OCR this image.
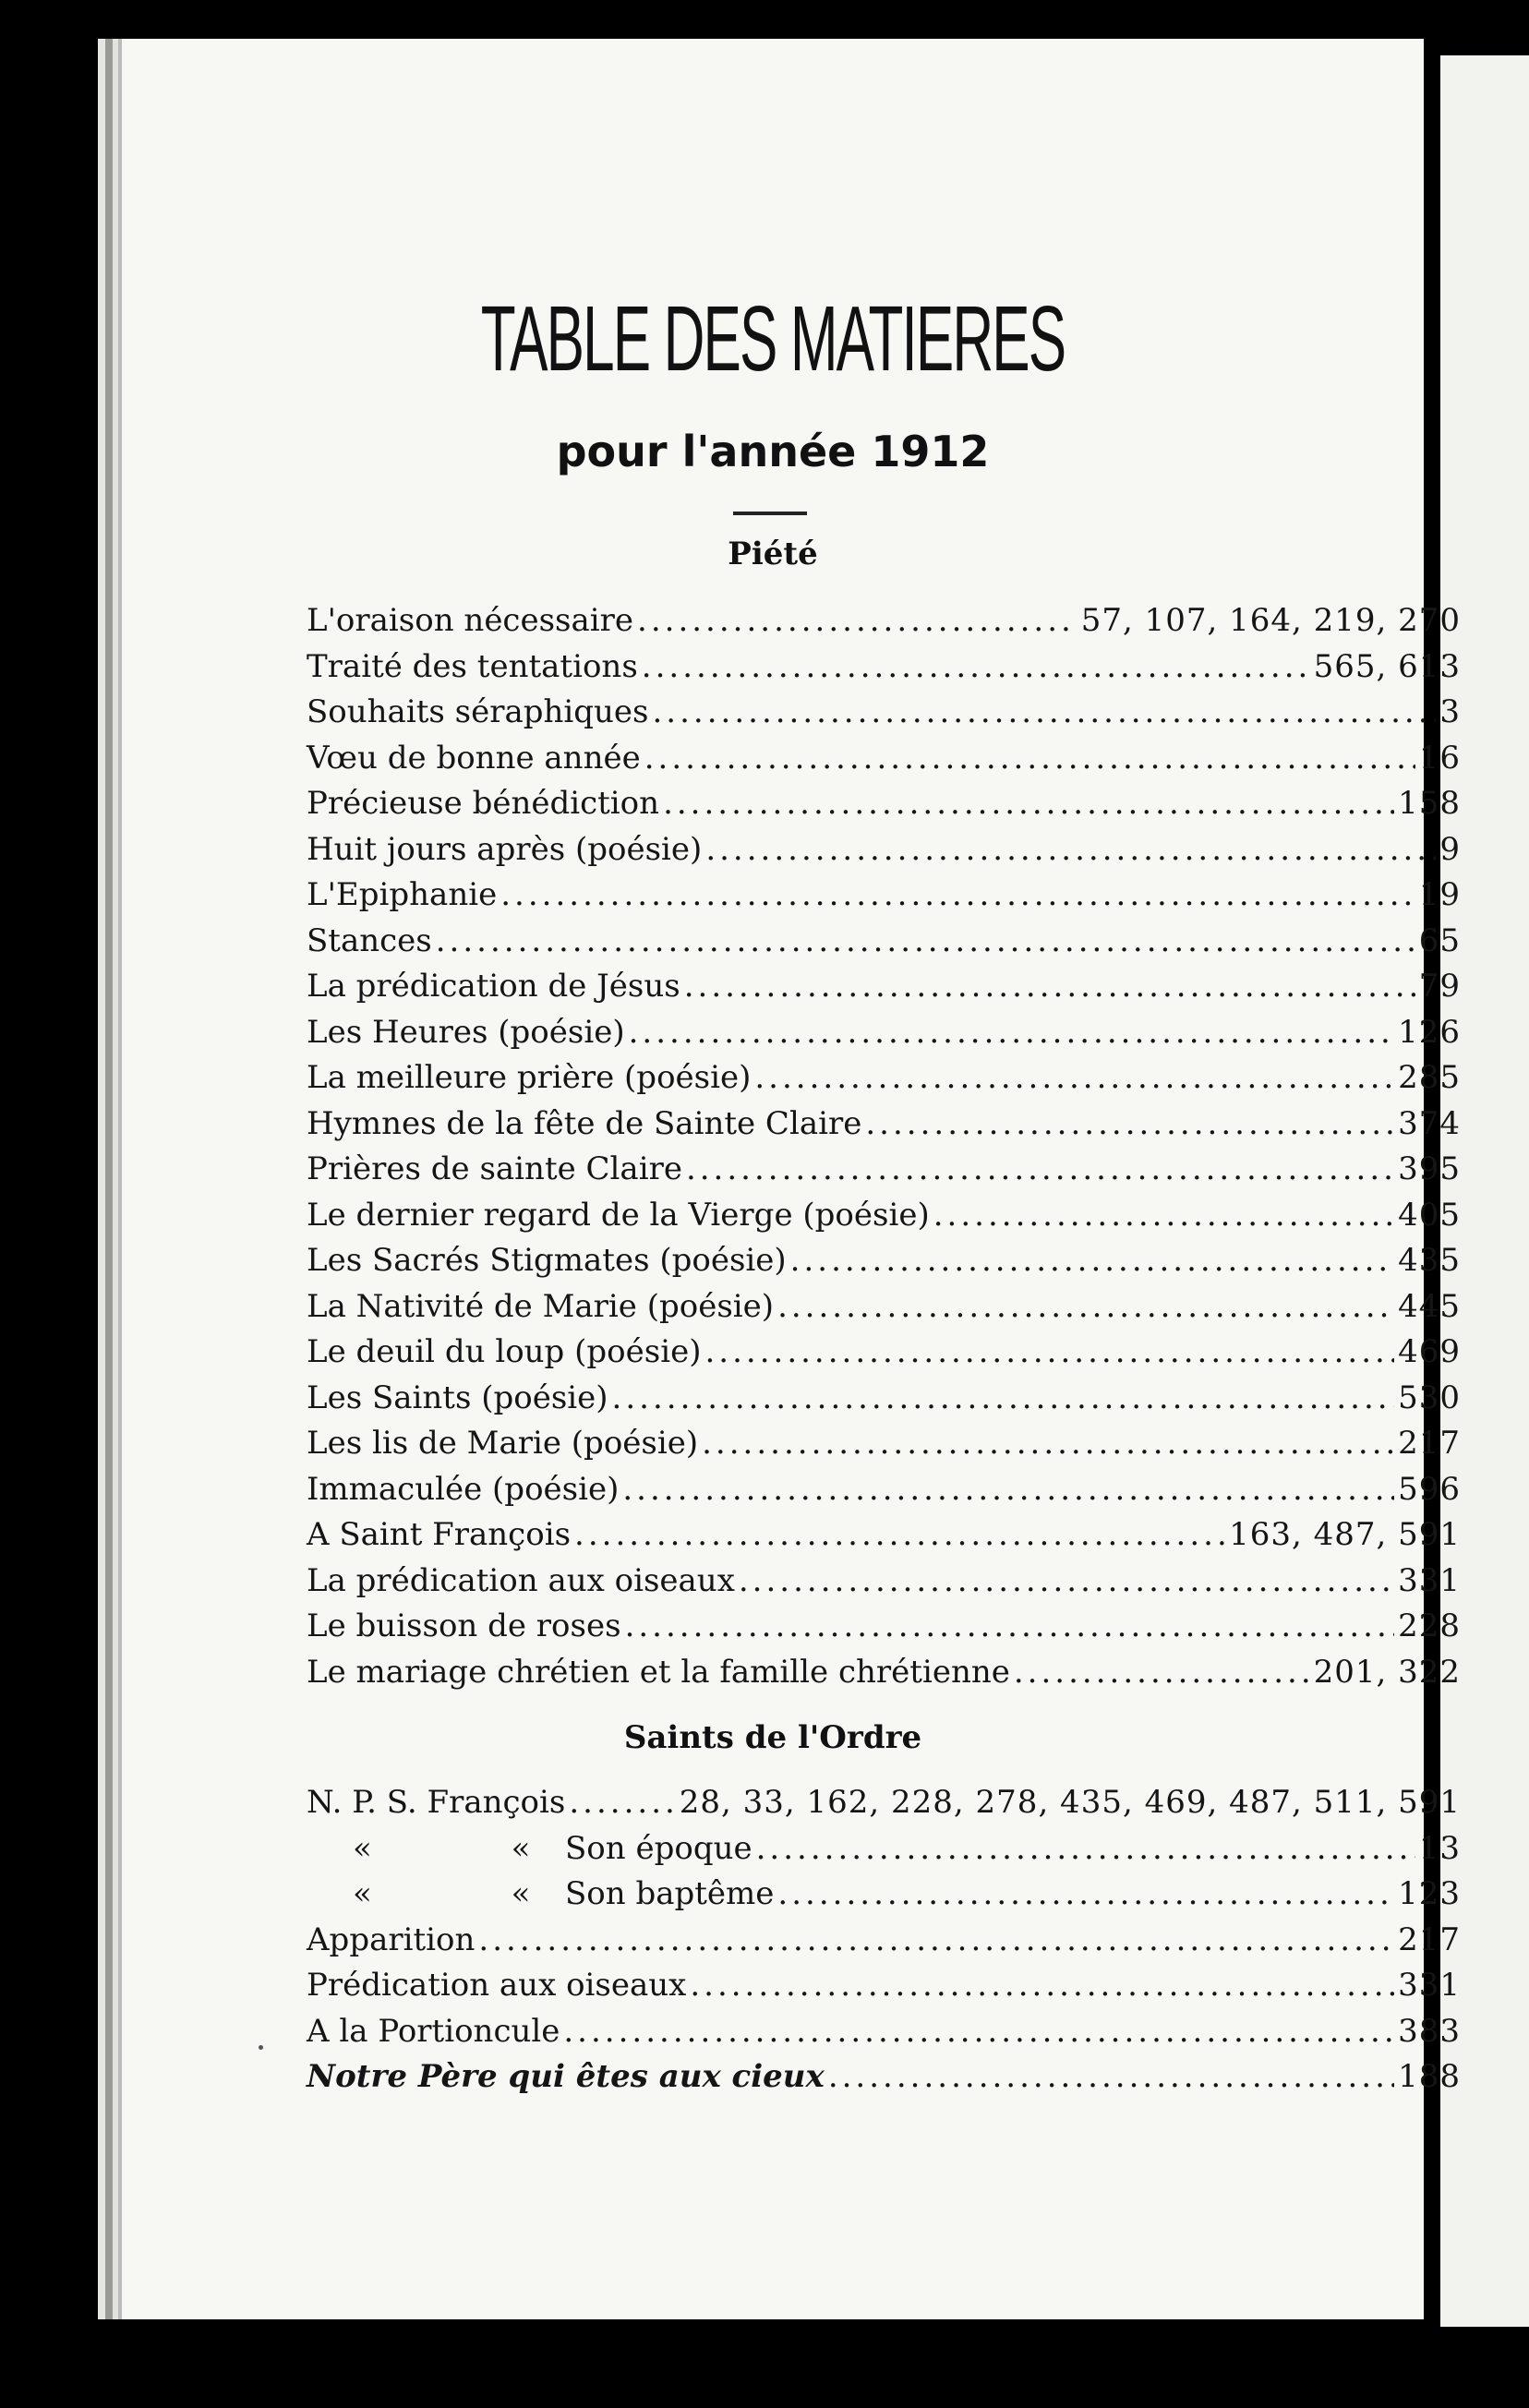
TABLE DES MATIERES
pour l'année 1912
Piété
L'oraison nécessaire .....	57, 107, 164, 219, 270
Traité des tentations .....	565, 613
Souhaits séraphiques .....	3
Vœu de bonne année .....	16
Précieuse bénédiction .....	158
Huit jours après (poésie) .....	9
L'Epiphanie .....	19
Stances .....	65
La prédication de Jésus .....	79
Les Heures (poésie) .....	126
La meilleure prière (poésie) .....	285
Hymnes de la fête de Sainte Claire .....	374
Prières de sainte Claire .....	395
Le dernier regard de la Vierge (poésie) .....	405
Les Sacrés Stigmates (poésie) .....	435
La Nativité de Marie (poésie) .....	445
Le deuil du loup (poésie) .....	469
Les Saints (poésie) .....	530
Les lis de Marie (poésie) .....	217
Immaculée (poésie) .....	596
A Saint François .....	163, 487, 591
La prédication aux oiseaux .....	331
Le buisson de roses .....	228
Le mariage chrétien et la famille chrétienne .....	201, 322
Saints de l'Ordre
N. P. S. François .....	28, 33, 162, 228, 278, 435, 469, 487, 511, 591
« «Son époque .....	13
« «Son baptême .....	123
Apparition .....	217
Prédication aux oiseaux .....	331
A la Portioncule .....	383
Notre Père qui êtes aux cieux .....	188
